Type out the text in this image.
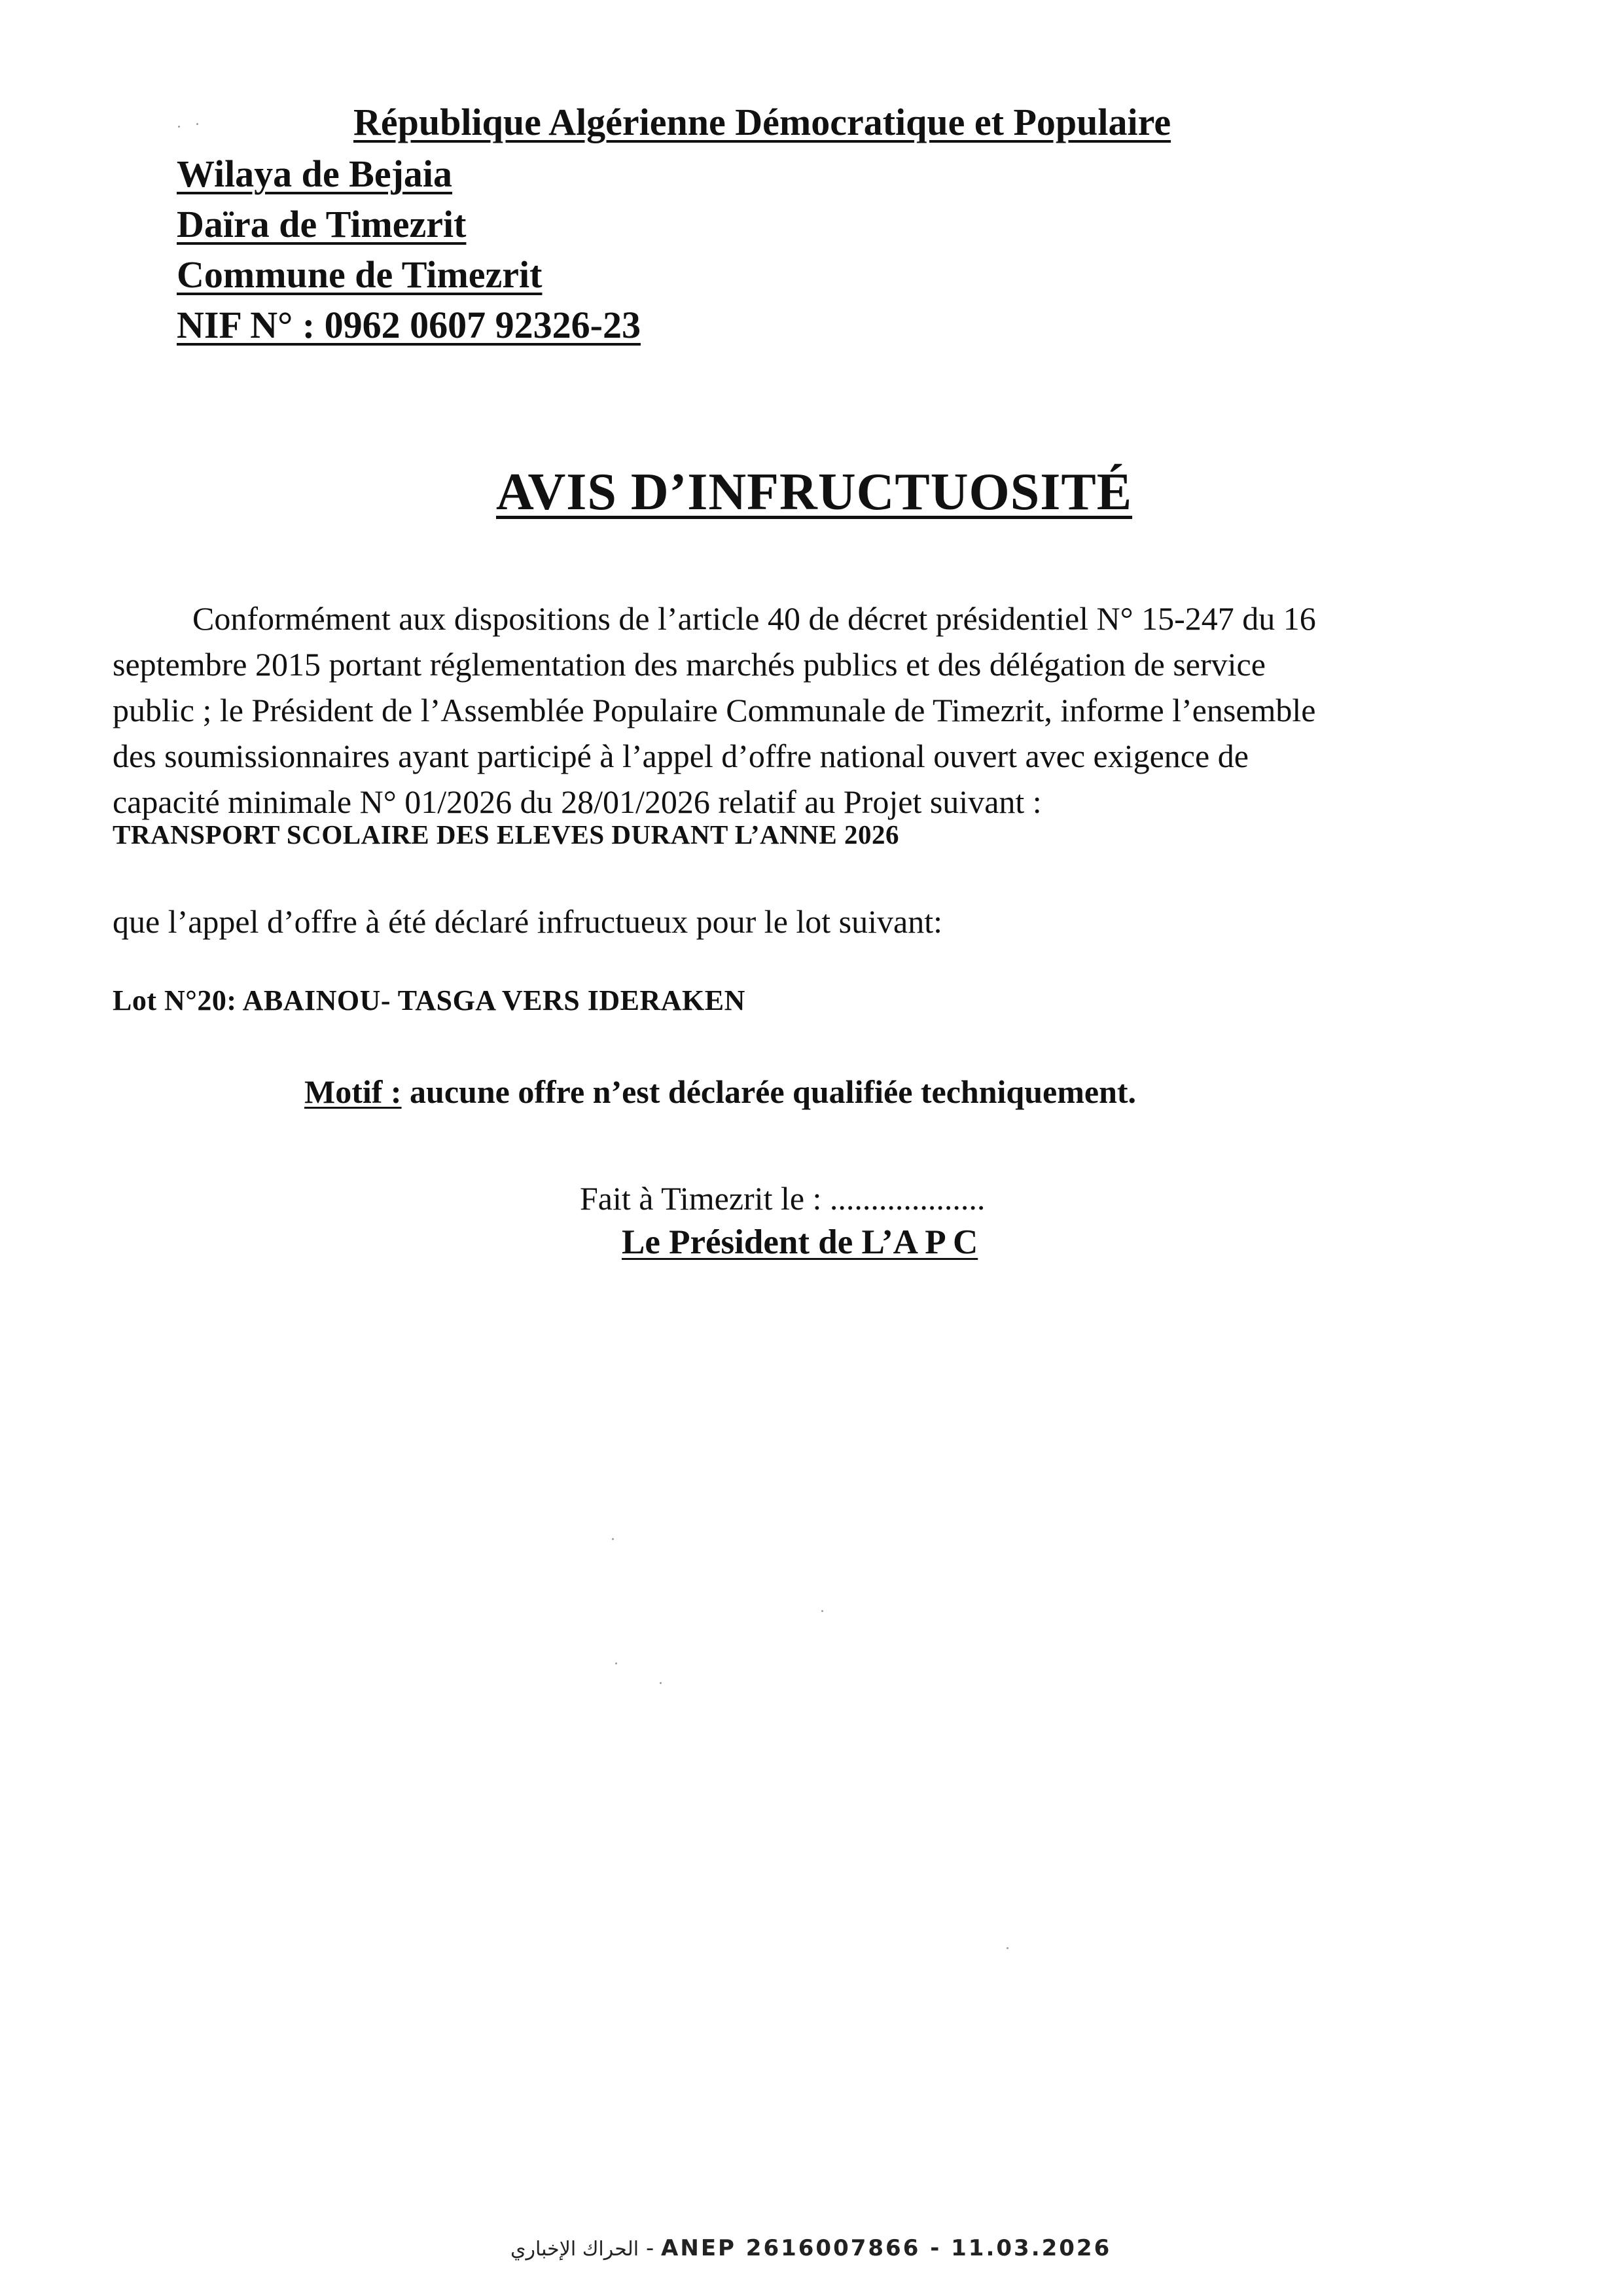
République Algérienne Démocratique et Populaire
Wilaya de Bejaia
Daïra de Timezrit
Commune de Timezrit
NIF N° : 0962 0607 92326-23
AVIS D’INFRUCTUOSITÉ
Conformément aux dispositions de l’article 40 de décret présidentiel N° 15-247 du 16
septembre 2015 portant réglementation des marchés publics et des délégation de service
public ; le Président de l’Assemblée Populaire Communale de Timezrit, informe l’ensemble
des soumissionnaires ayant participé à l’appel d’offre national ouvert avec exigence de
capacité minimale N° 01/2026 du 28/01/2026 relatif au Projet suivant :
TRANSPORT SCOLAIRE DES ELEVES DURANT L’ANNE 2026
que l’appel d’offre à été déclaré infructueux pour le lot suivant:
Lot N°20: ABAINOU- TASGA VERS IDERAKEN
Motif : aucune offre n’est déclarée qualifiée techniquement.
Fait à Timezrit le : ...................
Le Président de L’A P C
الحراك الإخباري - ANEP 2616007866 - 11.03.2026
